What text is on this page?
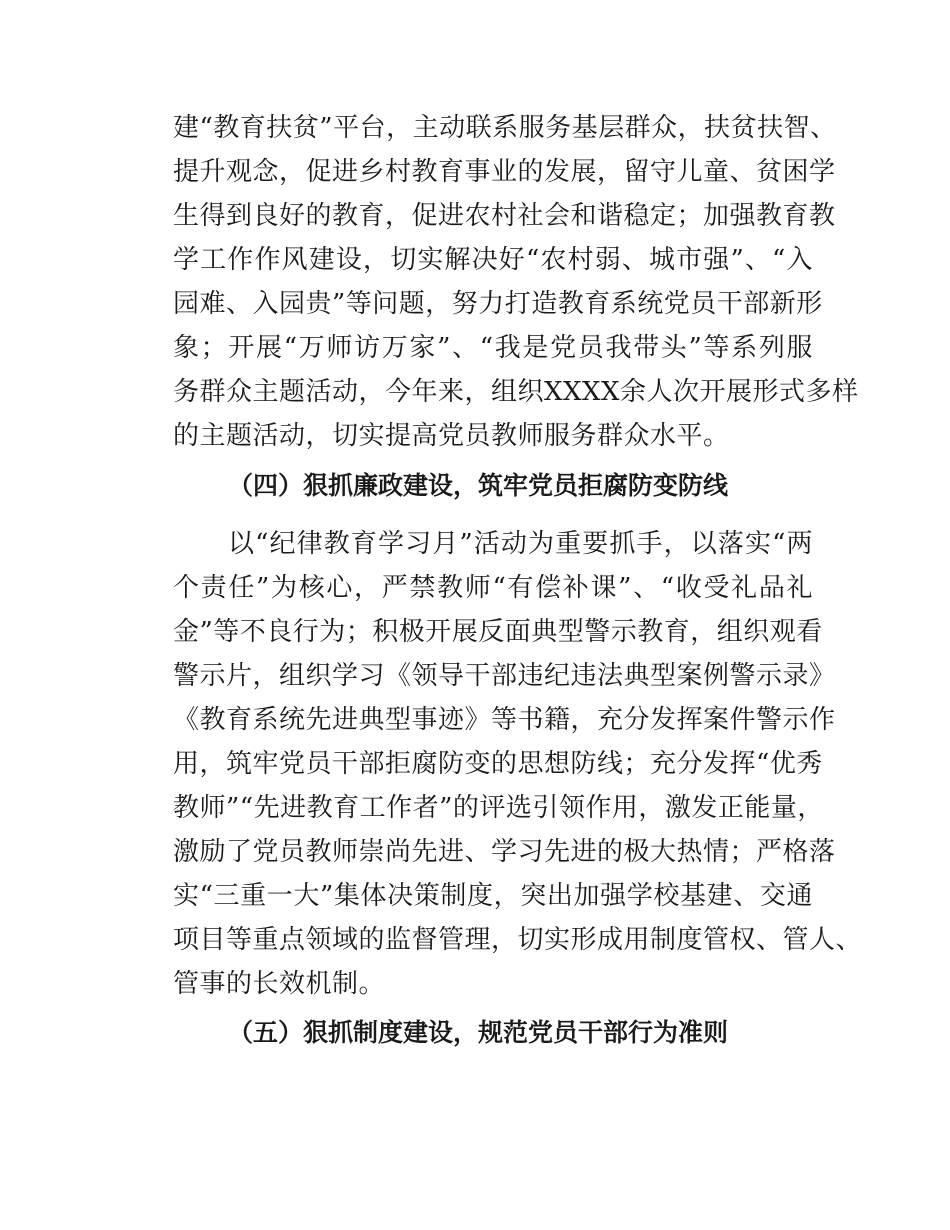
建“教育扶贫”平台，主动联系服务基层群众，扶贫扶智、
提升观念，促进乡村教育事业的发展，留守儿童、贫困学
生得到良好的教育，促进农村社会和谐稳定；加强教育教
学工作作风建设，切实解决好“农村弱、城市强”、“入
园难、入园贵”等问题，努力打造教育系统党员干部新形
象；开展“万师访万家”、“我是党员我带头”等系列服
务群众主题活动，今年来，组织XXXX余人次开展形式多样
的主题活动，切实提高党员教师服务群众水平。
（四）狠抓廉政建设，筑牢党员拒腐防变防线
以“纪律教育学习月”活动为重要抓手，以落实“两
个责任”为核心，严禁教师“有偿补课”、“收受礼品礼
金”等不良行为；积极开展反面典型警示教育，组织观看
警示片，组织学习《领导干部违纪违法典型案例警示录》
《教育系统先进典型事迹》等书籍，充分发挥案件警示作
用，筑牢党员干部拒腐防变的思想防线；充分发挥“优秀
教师”“先进教育工作者”的评选引领作用，激发正能量，
激励了党员教师崇尚先进、学习先进的极大热情；严格落
实“三重一大”集体决策制度，突出加强学校基建、交通
项目等重点领域的监督管理，切实形成用制度管权、管人、
管事的长效机制。
（五）狠抓制度建设，规范党员干部行为准则
